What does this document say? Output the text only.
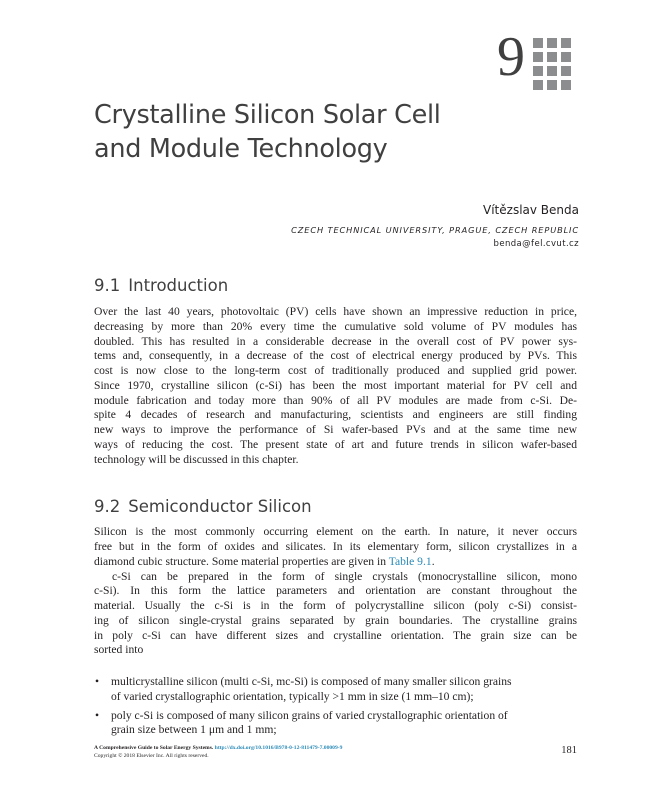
9
Crystalline Silicon Solar Cell
and Module Technology
Vítězslav Benda
CZECH TECHNICAL UNIVERSITY, PRAGUE, CZECH REPUBLIC
benda@fel.cvut.cz
9.1 Introduction
Over the last 40 years, photovoltaic (PV) cells have shown an impressive reduction in price,
decreasing by more than 20% every time the cumulative sold volume of PV modules has
doubled. This has resulted in a considerable decrease in the overall cost of PV power sys-
tems and, consequently, in a decrease of the cost of electrical energy produced by PVs. This
cost is now close to the long-term cost of traditionally produced and supplied grid power.
Since 1970, crystalline silicon (c-Si) has been the most important material for PV cell and
module fabrication and today more than 90% of all PV modules are made from c-Si. De-
spite 4 decades of research and manufacturing, scientists and engineers are still finding
new ways to improve the performance of Si wafer-based PVs and at the same time new
ways of reducing the cost. The present state of art and future trends in silicon wafer-based
technology will be discussed in this chapter.
9.2 Semiconductor Silicon
Silicon is the most commonly occurring element on the earth. In nature, it never occurs
free but in the form of oxides and silicates. In its elementary form, silicon crystallizes in a
diamond cubic structure. Some material properties are given in Table 9.1.
c-Si can be prepared in the form of single crystals (monocrystalline silicon, mono
c-Si). In this form the lattice parameters and orientation are constant throughout the
material. Usually the c-Si is in the form of polycrystalline silicon (poly c-Si) consist-
ing of silicon single-crystal grains separated by grain boundaries. The crystalline grains
in poly c-Si can have different sizes and crystalline orientation. The grain size can be
sorted into
• multicrystalline silicon (multi c-Si, mc-Si) is composed of many smaller silicon grains
of varied crystallographic orientation, typically >1 mm in size (1 mm–10 cm);
• poly c-Si is composed of many silicon grains of varied crystallographic orientation of
grain size between 1 μm and 1 mm;
A Comprehensive Guide to Solar Energy Systems. http://dx.doi.org/10.1016/B978-0-12-811479-7.00009-9
Copyright © 2018 Elsevier Inc. All rights reserved.	181
